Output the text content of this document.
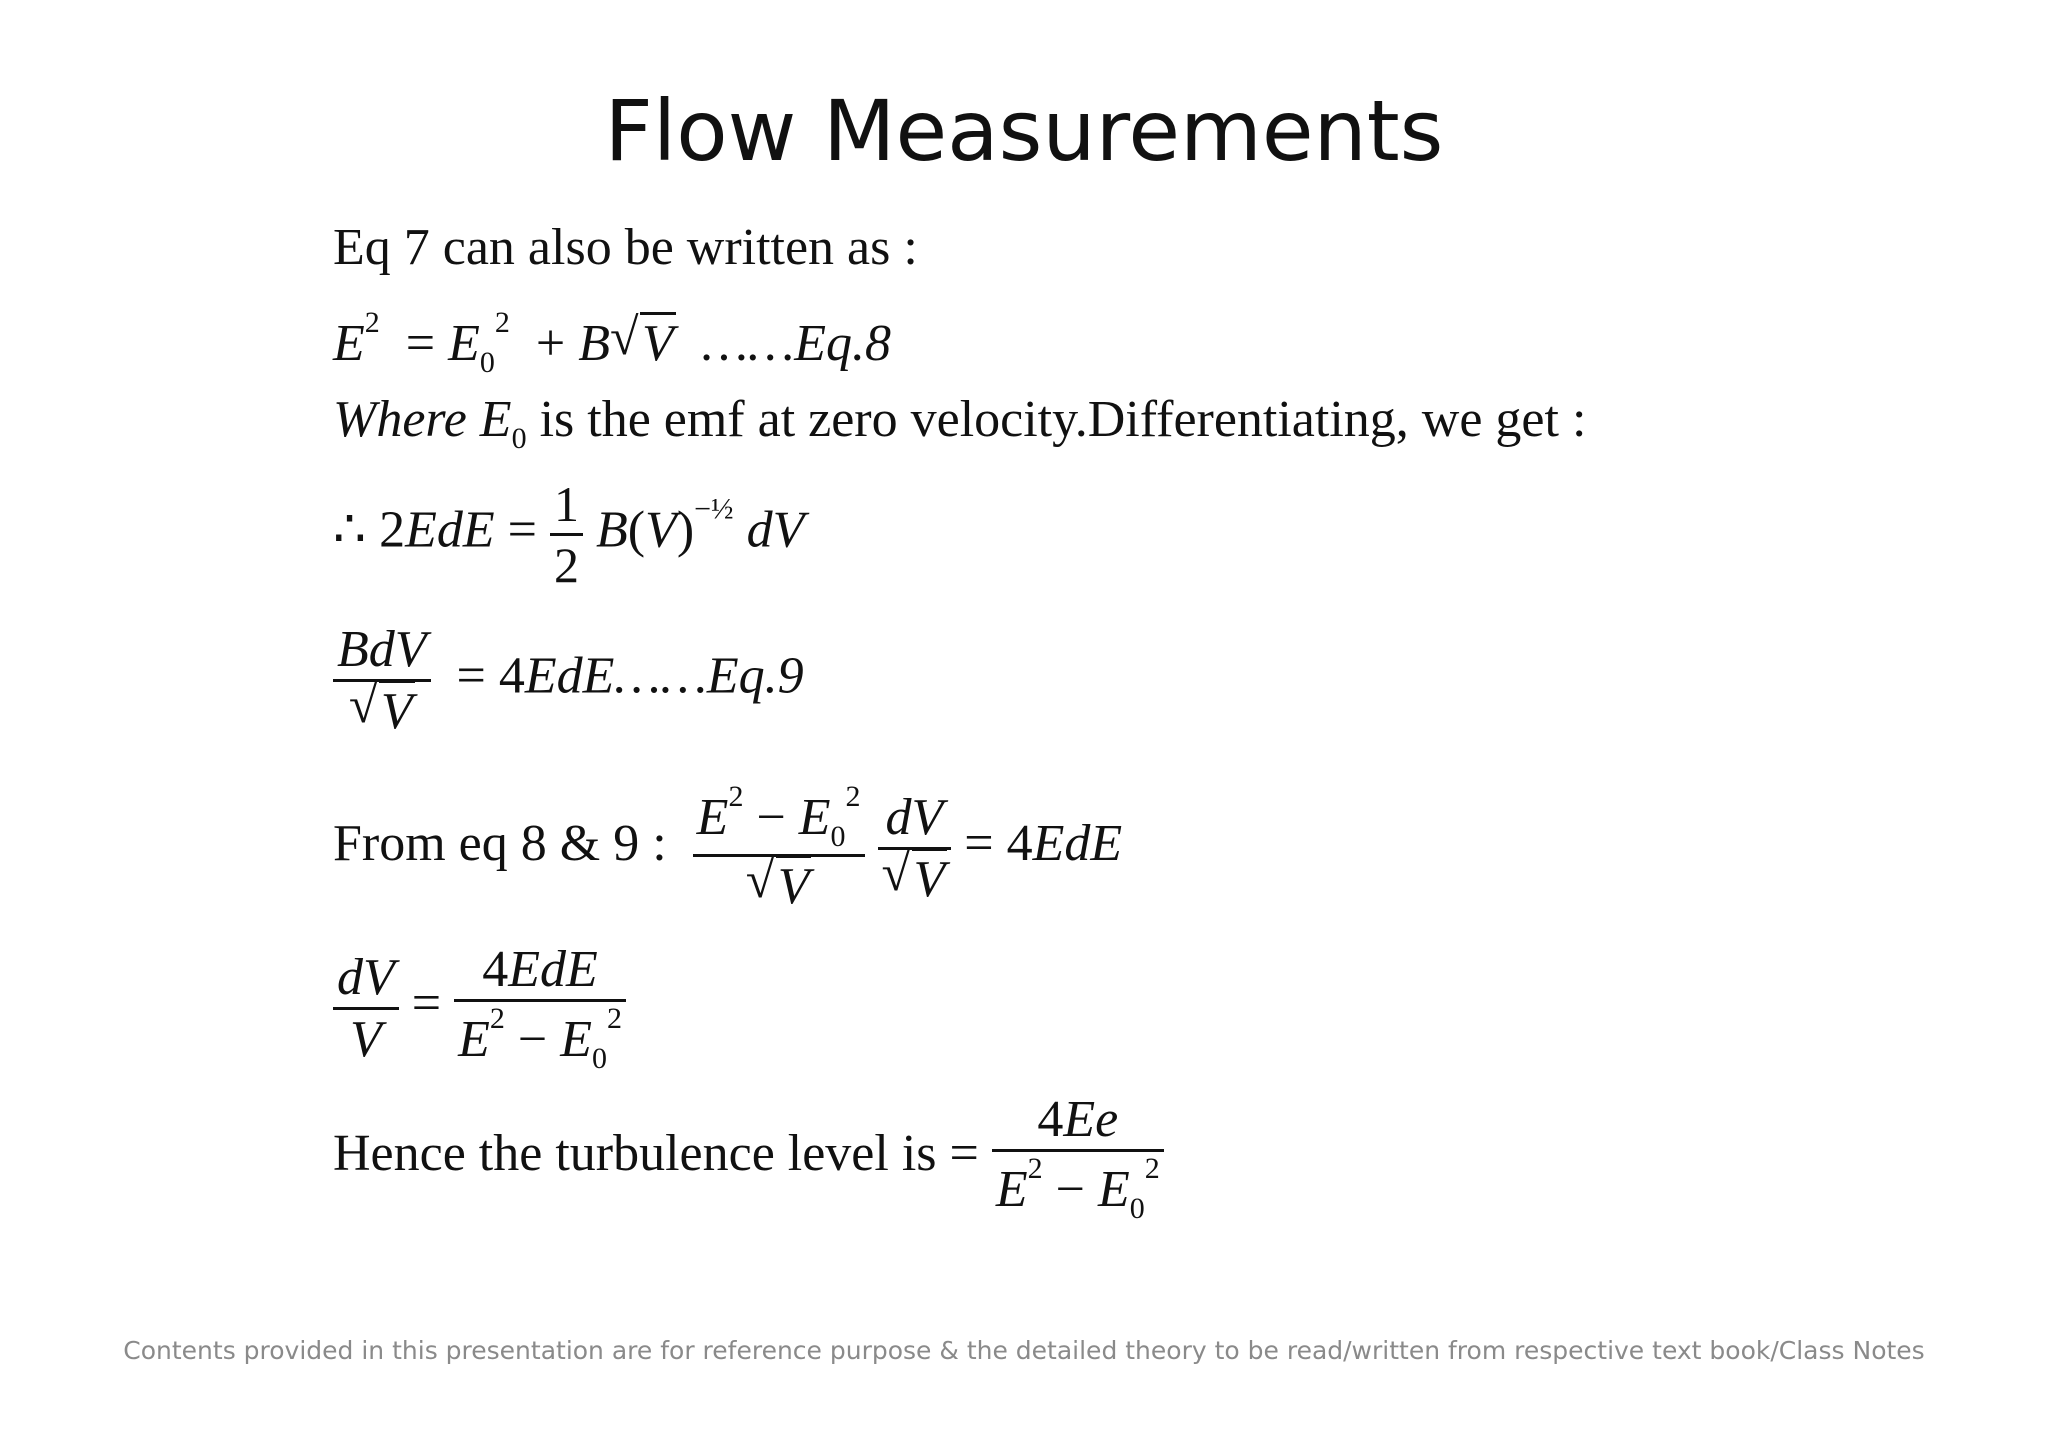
Flow Measurements
Eq 7 can also be written as :
$E^2 = E_0^2 + B√$ V ……Eq.8
Where $E_0$ is the emf at zero velocity.Differentiating, we get :
∴ $2EdE = \frac{1}{2} B(V)^{-\frac{1}{2}}$ dV
BdV
√ V = 4EdE……Eq.9
From eq 8 & 9 : $E^2 - E_0^2$
√ V
dV
√ V = 4EdE
$\frac{dV}{V} = \frac{\text{4EdE}}{E^2 - E_0^2}$
Hence the turbulence level is = $\frac{4Ee}{E^2 - E_0^2}$
Contents provided in this presentation are for reference purpose & the detailed theory to be read/written from respective text book/Class Notes
